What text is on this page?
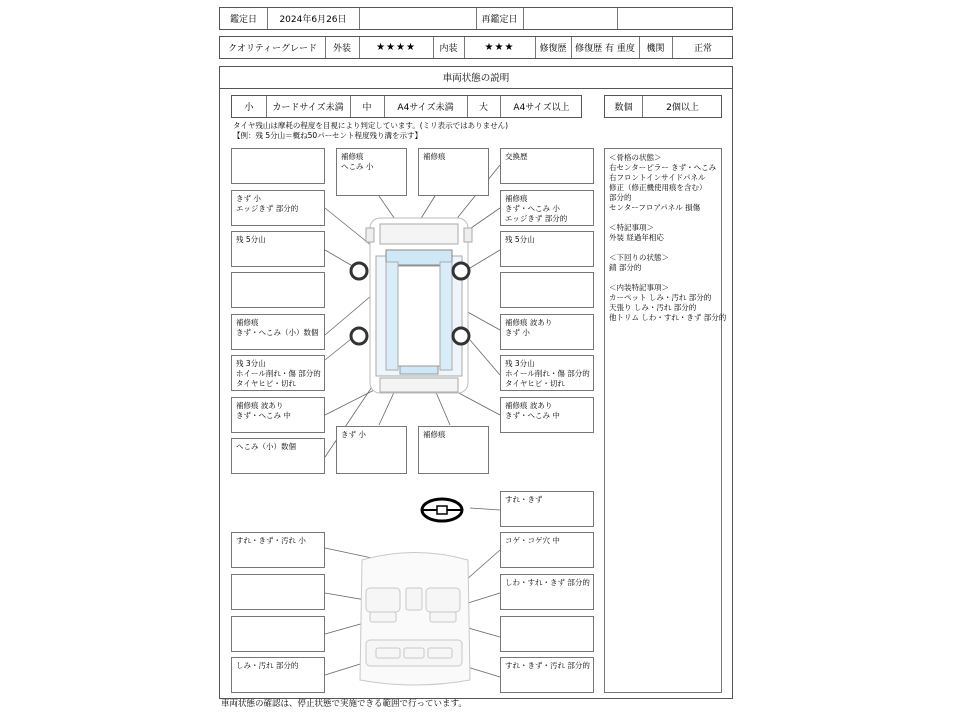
鑑定日	2024年6月26日	再鑑定日
クオリティーグレード	外装	★★★★	内装	★★★	修復歴 修復歴 有 重度	機関	正常
車両状態の説明
小	カードサイズ未満	中	A4サイズ未満	大	A4サイズ以上	数個	2個以上
タイヤ残山は摩耗の程度を目視により判定しています。(ミリ表示ではありません)
【例：残 5分山＝概ね50パーセント程度残り溝を示す】
きず 小
エッジきず 部分的
残 5分山
補修痕
きず・へこみ（小）数個
残 3分山
ホイール削れ・傷 部分的
タイヤヒビ・切れ
補修痕 波あり
きず・へこみ 中
へこみ（小）数個
補修痕
へこみ 小
補修痕	交換歴
補修痕
きず・へこみ 小
エッジきず 部分的
残 5分山
補修痕 波あり
きず 小
残 3分山
ホイール削れ・傷 部分的
タイヤヒビ・切れ
補修痕 波あり
きず・へこみ 中
きず 小	補修痕
すれ・きず
コゲ・コゲ穴 中
しわ・すれ・きず 部分的
すれ・きず・汚れ 部分的
すれ・きず・汚れ 小
しみ・汚れ 部分的
＜骨格の状態＞
右センターピラー きず・へこみ
右フロントインサイドパネル
修正（修正機使用痕を含む）
部分的
センターフロアパネル 損傷

＜特記事項＞
外装 経過年相応

＜下回りの状態＞
錆 部分的

＜内装特記事項＞
カーペット しみ・汚れ 部分的
天張り しみ・汚れ 部分的
他トリム しわ・すれ・きず 部分的
車両状態の確認は、停止状態で実施できる範囲で行っています。
